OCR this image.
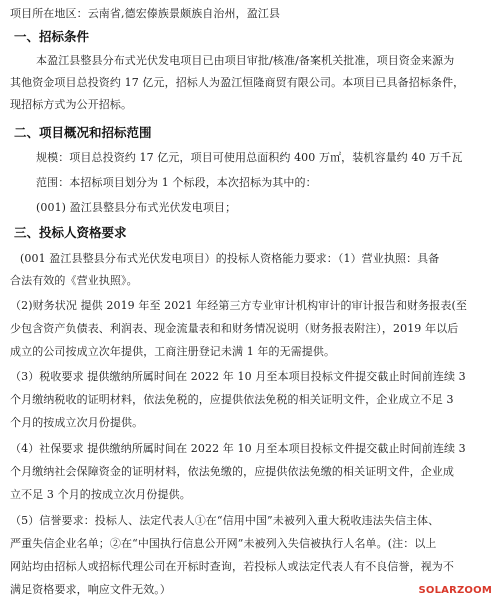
项目所在地区：云南省,德宏傣族景颇族自治州，盈江县
一、招标条件
本盈江县整县分布式光伏发电项目已由项目审批/核准/备案机关批准，项目资金来源为
其他资金项目总投资约 17 亿元，招标人为盈江恒隆商贸有限公司。本项目已具备招标条件，
现招标方式为公开招标。
二、项目概况和招标范围
规模：项目总投资约 17 亿元，项目可使用总面积约 400 万㎡，装机容量约 40 万千瓦
范围：本招标项目划分为 1 个标段，本次招标为其中的：
(001) 盈江县整县分布式光伏发电项目；
三、投标人资格要求
(001 盈江县整县分布式光伏发电项目）的投标人资格能力要求：（1）营业执照：具备
合法有效的《营业执照》。
（2)财务状况 提供 2019 年至 2021 年经第三方专业审计机构审计的审计报告和财务报表(至
少包含资产负债表、利润表、现金流量表和和财务情况说明（财务报表附注），2019 年以后
成立的公司按成立次年提供，工商注册登记未满 1 年的无需提供。
（3）税收要求 提供缴纳所属时间在 2022 年 10 月至本项目投标文件提交截止时间前连续 3
个月缴纳税收的证明材料，依法免税的，应提供依法免税的相关证明文件，企业成立不足 3
个月的按成立次月份提供。
（4）社保要求 提供缴纳所属时间在 2022 年 10 月至本项目投标文件提交截止时间前连续 3
个月缴纳社会保障资金的证明材料，依法免缴的，应提供依法免缴的相关证明文件，企业成
立不足 3 个月的按成立次月份提供。
（5）信誉要求：投标人、法定代表人①在“信用中国”未被列入重大税收违法失信主体、
严重失信企业名单；②在“中国执行信息公开网”未被列入失信被执行人名单。(注：以上
网站均由招标人或招标代理公司在开标时查询，若投标人或法定代表人有不良信誉，视为不
满足资格要求，响应文件无效。）	SOLARZOOM
